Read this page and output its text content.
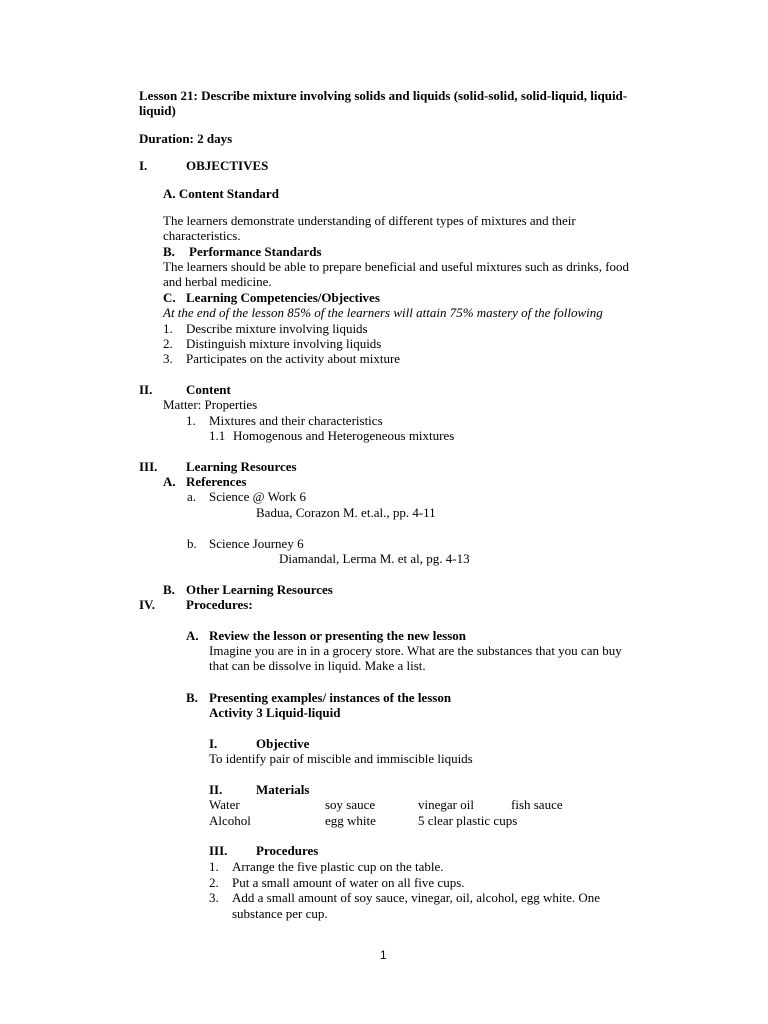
Lesson 21: Describe mixture involving solids and liquids (solid-solid, solid-liquid, liquid-
liquid)
Duration: 2 days
I.	OBJECTIVES
A. Content Standard
The learners demonstrate understanding of different types of mixtures and their
characteristics.
B. Performance Standards
The learners should be able to prepare beneficial and useful mixtures such as drinks, food
and herbal medicine.
C. Learning Competencies/Objectives
At the end of the lesson 85% of the learners will attain 75% mastery of the following
1. Describe mixture involving liquids
2. Distinguish mixture involving liquids
3. Participates on the activity about mixture
II.	Content
Matter: Properties
1. Mixtures and their characteristics
1.1 Homogenous and Heterogeneous mixtures
III. Learning Resources
A. References
a. Science @ Work 6
Badua, Corazon M. et.al., pp. 4-11
b. Science Journey 6
Diamandal, Lerma M. et al, pg. 4-13
B. Other Learning Resources
IV. Procedures:
A. Review the lesson or presenting the new lesson
Imagine you are in in a grocery store. What are the substances that you can buy
that can be dissolve in liquid. Make a list.
B. Presenting examples/ instances of the lesson
Activity 3 Liquid-liquid
I.	Objective
To identify pair of miscible and immiscible liquids
II.	Materials
Water	soy sauce	vinegar oil	fish sauce
Alcohol	egg white	5 clear plastic cups
III. Procedures
1. Arrange the five plastic cup on the table.
2. Put a small amount of water on all five cups.
3. Add a small amount of soy sauce, vinegar, oil, alcohol, egg white. One
substance per cup.
1
